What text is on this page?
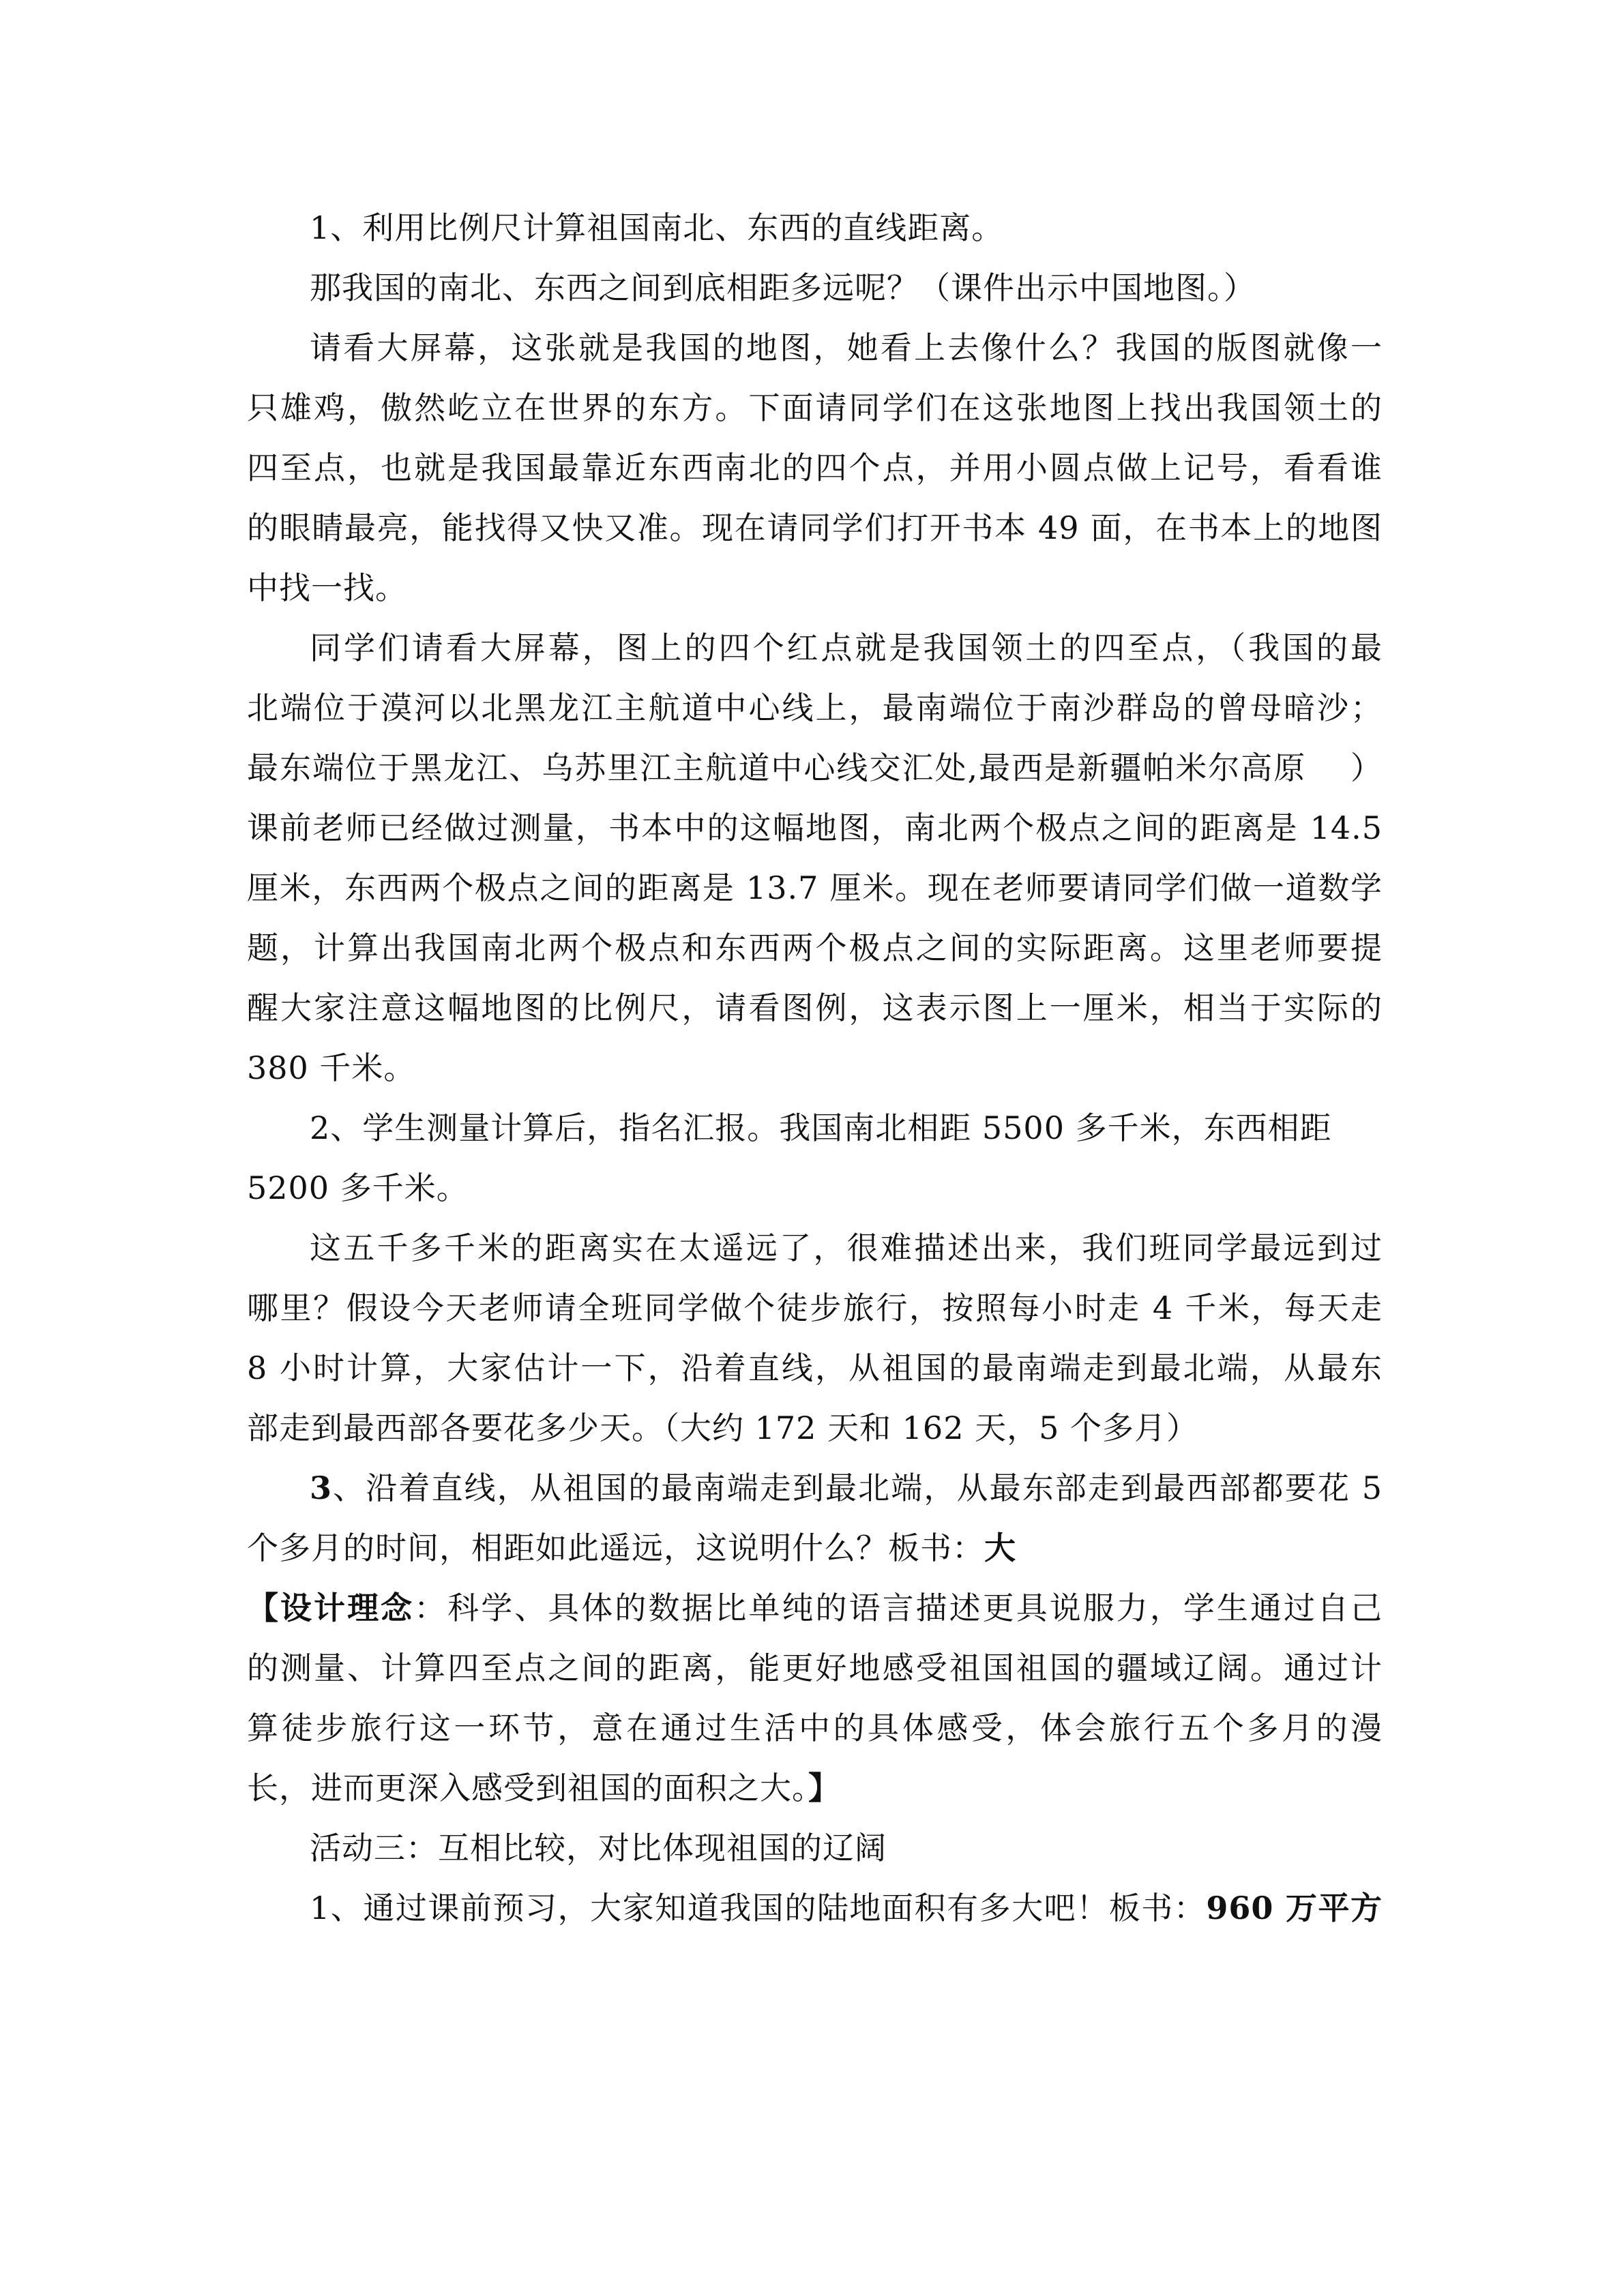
1、利用比例尺计算祖国南北、东西的直线距离。
那我国的南北、东西之间到底相距多远呢？（课件出示中国地图。）
请看大屏幕，这张就是我国的地图，她看上去像什么？我国的版图就像一
只雄鸡，傲然屹立在世界的东方。下面请同学们在这张地图上找出我国领土的
四至点，也就是我国最靠近东西南北的四个点，并用小圆点做上记号，看看谁
的眼睛最亮，能找得又快又准。现在请同学们打开书本 49 面，在书本上的地图
中找一找。
同学们请看大屏幕，图上的四个红点就是我国领土的四至点，（我国的最
北端位于漠河以北黑龙江主航道中心线上，最南端位于南沙群岛的曾母暗沙；
最东端位于黑龙江、乌苏里江主航道中心线交汇处,最西是新疆帕米尔高原　 ）
课前老师已经做过测量，书本中的这幅地图，南北两个极点之间的距离是 14.5
厘米，东西两个极点之间的距离是 13.7 厘米。现在老师要请同学们做一道数学
题，计算出我国南北两个极点和东西两个极点之间的实际距离。这里老师要提
醒大家注意这幅地图的比例尺，请看图例，这表示图上一厘米，相当于实际的
380 千米。
2、学生测量计算后，指名汇报。我国南北相距 5500 多千米，东西相距
5200 多千米。
这五千多千米的距离实在太遥远了，很难描述出来，我们班同学最远到过
哪里？假设今天老师请全班同学做个徒步旅行，按照每小时走 4 千米，每天走
8 小时计算，大家估计一下，沿着直线，从祖国的最南端走到最北端，从最东
部走到最西部各要花多少天。（大约 172 天和 162 天，5 个多月）
3、沿着直线，从祖国的最南端走到最北端，从最东部走到最西部都要花 5
个多月的时间，相距如此遥远，这说明什么？板书：大
【设计理念：科学、具体的数据比单纯的语言描述更具说服力，学生通过自己
的测量、计算四至点之间的距离，能更好地感受祖国祖国的疆域辽阔。通过计
算徒步旅行这一环节，意在通过生活中的具体感受，体会旅行五个多月的漫
长，进而更深入感受到祖国的面积之大。】
活动三：互相比较，对比体现祖国的辽阔
1、通过课前预习，大家知道我国的陆地面积有多大吧！板书：960 万平方
